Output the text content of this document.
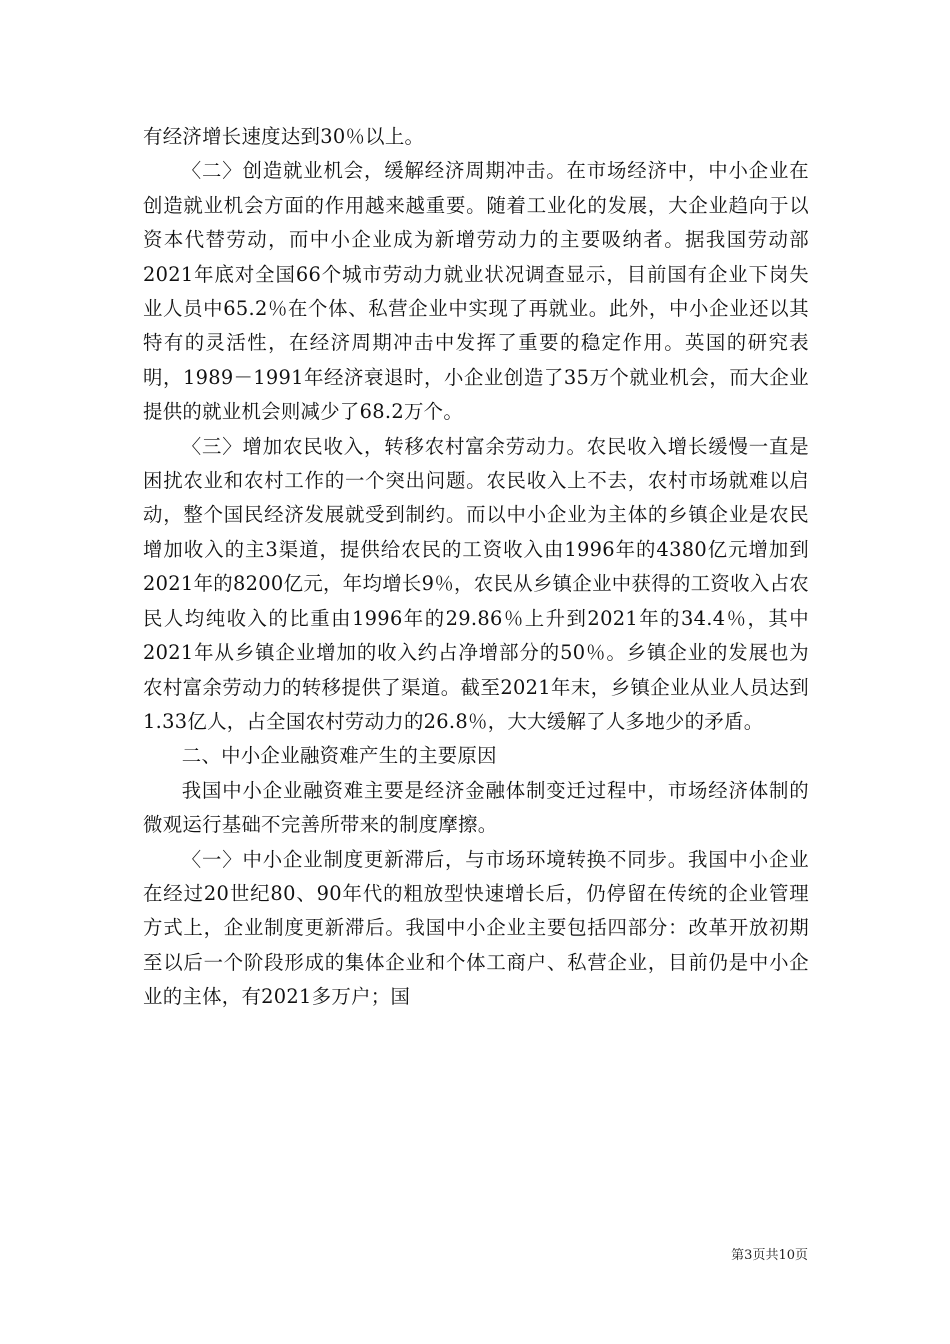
有经济增长速度达到30％以上。

〈二〉创造就业机会，缓解经济周期冲击。在市场经济中，中小企业在创造就业机会方面的作用越来越重要。随着工业化的发展，大企业趋向于以资本代替劳动，而中小企业成为新增劳动力的主要吸纳者。据我国劳动部2021年底对全国66个城市劳动力就业状况调查显示，目前国有企业下岗失业人员中65.2％在个体、私营企业中实现了再就业。此外，中小企业还以其特有的灵活性，在经济周期冲击中发挥了重要的稳定作用。英国的研究表明，1989－1991年经济衰退时，小企业创造了35万个就业机会，而大企业提供的就业机会则减少了68.2万个。

〈三〉增加农民收入，转移农村富余劳动力。农民收入增长缓慢一直是困扰农业和农村工作的一个突出问题。农民收入上不去，农村市场就难以启动，整个国民经济发展就受到制约。而以中小企业为主体的乡镇企业是农民增加收入的主3渠道，提供给农民的工资收入由1996年的4380亿元增加到2021年的8200亿元，年均增长9％，农民从乡镇企业中获得的工资收入占农民人均纯收入的比重由1996年的29.86％上升到2021年的34.4％，其中2021年从乡镇企业增加的收入约占净增部分的50％。乡镇企业的发展也为农村富余劳动力的转移提供了渠道。截至2021年末，乡镇企业从业人员达到1.33亿人，占全国农村劳动力的26.8％，大大缓解了人多地少的矛盾。

二、中小企业融资难产生的主要原因

我国中小企业融资难主要是经济金融体制变迁过程中，市场经济体制的微观运行基础不完善所带来的制度摩擦。

〈一〉中小企业制度更新滞后，与市场环境转换不同步。我国中小企业在经过20世纪80、90年代的粗放型快速增长后，仍停留在传统的企业管理方式上，企业制度更新滞后。我国中小企业主要包括四部分：改革开放初期至以后一个阶段形成的集体企业和个体工商户、私营企业，目前仍是中小企业的主体，有2021多万户；国

第3页共10页
